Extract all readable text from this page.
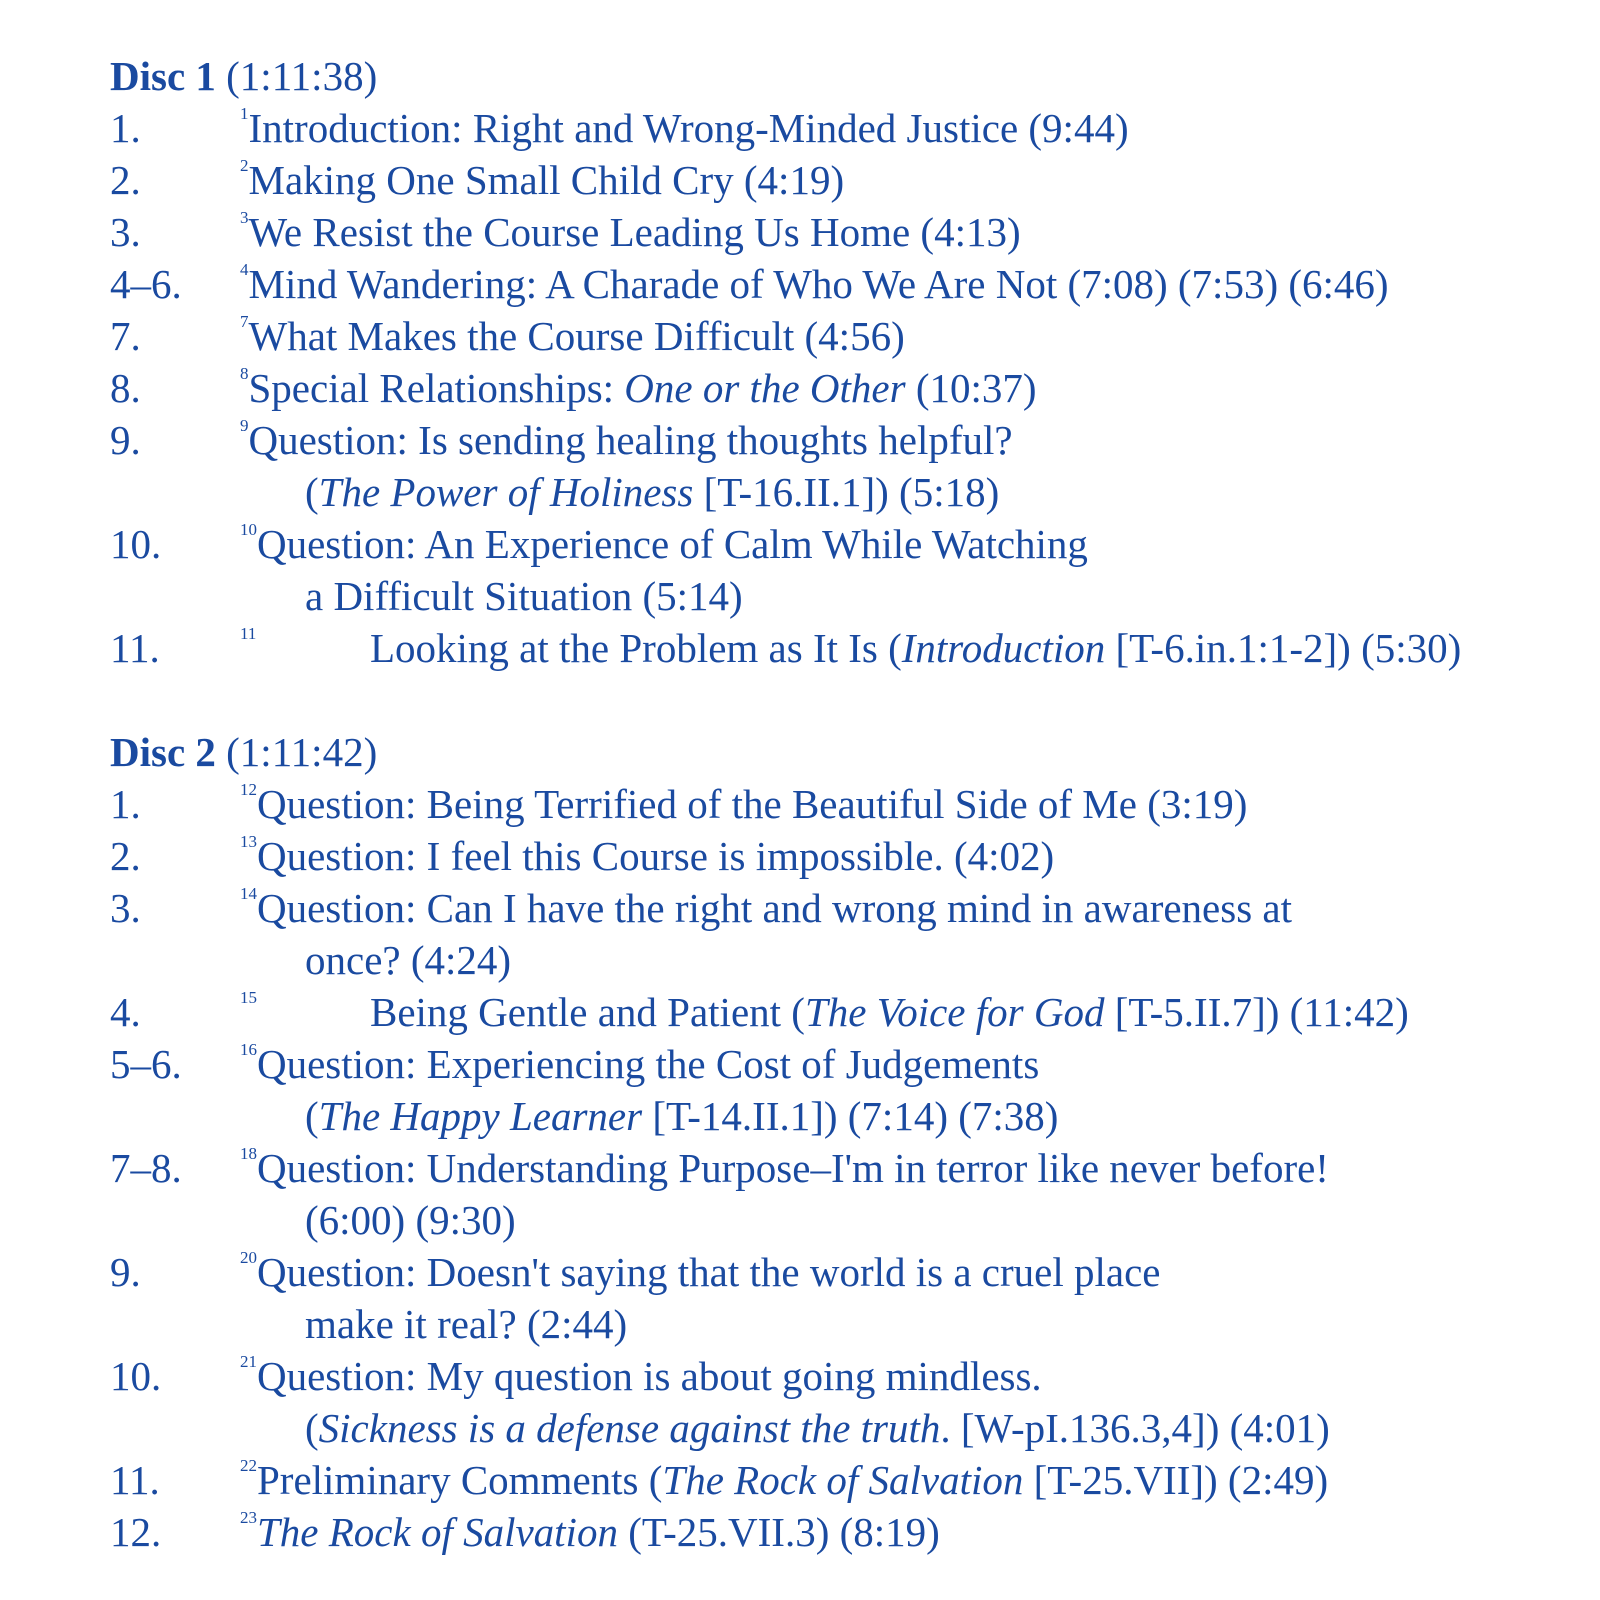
Disc 1 (1:11:38)
1.	$^1$Introduction: Right and Wrong-Minded Justice (9:44)
2.	$^2$Making One Small Child Cry (4:19)
3.	$^3$We Resist the Course Leading Us Home (4:13)
4–6.	$^4$Mind Wandering: A Charade of Who We Are Not (7:08) (7:53) (6:46)
7.	$^7$What Makes the Course Difficult (4:56)
8.	$^8$Special Relationships: One or the Other (10:37)
9.	$^9$Question: Is sending healing thoughts helpful?
(The Power of Holiness [T-16.II.1]) (5:18)
10.	$^{10}$Question: An Experience of Calm While Watching
a Difficult Situation (5:14)
11.	11	Looking at the Problem as It Is (Introduction [T-6.in.1:1-2]) (5:30)
Disc 2 (1:11:42)
1.	$^{12}$Question: Being Terrified of the Beautiful Side of Me (3:19)
2.	$^{13}$Question: I feel this Course is impossible. (4:02)
3.	$^{14}$Question: Can I have the right and wrong mind in awareness at
once? (4:24)
4.	15	Being Gentle and Patient (The Voice for God [T-5.II.7]) (11:42)
5–6.	$^{16}$Question: Experiencing the Cost of Judgements
(The Happy Learner [T-14.II.1]) (7:14) (7:38)
7–8.	$^{18}$Question: Understanding Purpose–I'm in terror like never before!
(6:00) (9:30)
9.	$^{20}$Question: Doesn't saying that the world is a cruel place
make it real? (2:44)
10.	$^{21}$Question: My question is about going mindless.
(Sickness is a defense against the truth. [W-pI.136.3,4]) (4:01)
11.	$^{22}$Preliminary Comments (The Rock of Salvation [T-25.VII]) (2:49)
12.	$^{23}$The Rock of Salvation (T-25.VII.3) (8:19)
